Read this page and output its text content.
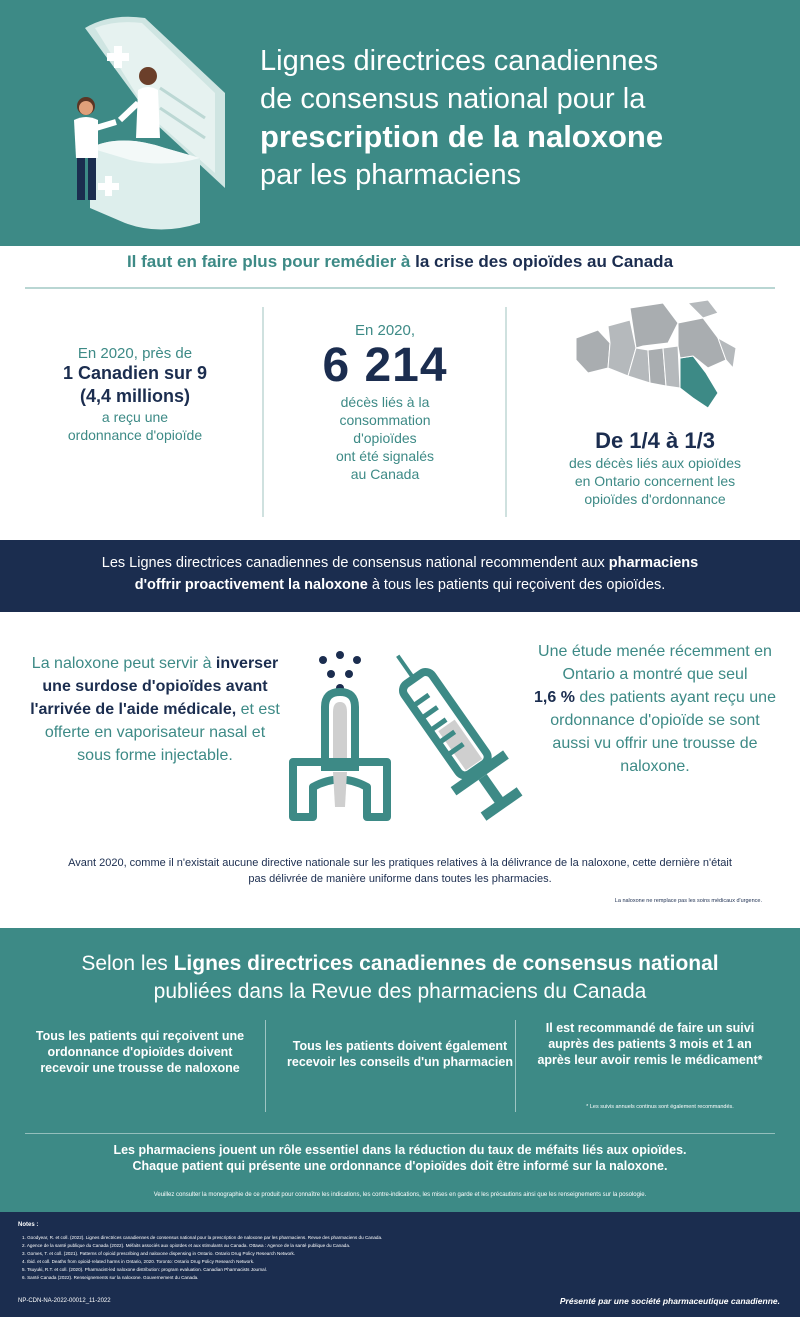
Lignes directrices canadiennes
de consensus national pour la
prescription de la naloxone
par les pharmaciens
Il faut en faire plus pour remédier à la crise des opioïdes au Canada
En 2020, près de
1 Canadien sur 9
(4,4 millions)
a reçu une
ordonnance d'opioïde
En 2020,
6 214
décès liés à la
consommation
d'opioïdes
ont été signalés
au Canada
De 1/4 à 1/3
des décès liés aux opioïdes
en Ontario concernent les
opioïdes d'ordonnance
Les Lignes directrices canadiennes de consensus national recommendent aux pharmaciens
d'offrir proactivement la naloxone à tous les patients qui reçoivent des opioïdes.
La naloxone peut servir à inverser une surdose d'opioïdes avant l'arrivée de l'aide médicale, et est offerte en vaporisateur nasal et sous forme injectable.
Une étude menée récemment en Ontario a montré que seul
1,6 % des patients ayant reçu une ordonnance d'opioïde se sont aussi vu offrir une trousse de naloxone.
Avant 2020, comme il n'existait aucune directive nationale sur les pratiques relatives à la délivrance de la naloxone, cette dernière n'était pas délivrée de manière uniforme dans toutes les pharmacies.
La naloxone ne remplace pas les soins médicaux d'urgence.
Selon les Lignes directrices canadiennes de consensus national
publiées dans la Revue des pharmaciens du Canada
Tous les patients qui reçoivent une ordonnance d'opioïdes doivent recevoir une trousse de naloxone
Tous les patients doivent également recevoir les conseils d'un pharmacien
Il est recommandé de faire un suivi auprès des patients 3 mois et 1 an après leur avoir remis le médicament*
* Les suivis annuels continus sont également recommandés.
Les pharmaciens jouent un rôle essentiel dans la réduction du taux de méfaits liés aux opioïdes.
Chaque patient qui présente une ordonnance d'opioïdes doit être informé sur la naloxone.
Veuillez consulter la monographie de ce produit pour connaître les indications, les contre-indications, les mises en garde et les précautions ainsi que les renseignements sur la posologie.
Notes :
1. Goodyear, R. et coll. (2022). Lignes directrices canadiennes de consensus national pour la prescription de naloxone par les pharmaciens. Revue des pharmaciens du Canada.
2. Agence de la santé publique du Canada (2022). Méfaits associés aux opioïdes et aux stimulants au Canada. Ottawa : Agence de la santé publique du Canada.
3. Gomes, T. et coll. (2021). Patterns of opioid prescribing and naloxone dispensing in Ontario. Ontario Drug Policy Research Network.
4. Ibid. et coll. Deaths from opioid-related harms in Ontario, 2020. Toronto: Ontario Drug Policy Research Network.
5. Tsuyuki, R.T. et coll. (2020). Pharmacist-led naloxone distribution: program evaluation. Canadian Pharmacists Journal.
6. Santé Canada (2022). Renseignements sur la naloxone. Gouvernement du Canada.
NP-CDN-NA-2022-00012_11-2022	Présenté par une société pharmaceutique canadienne.
